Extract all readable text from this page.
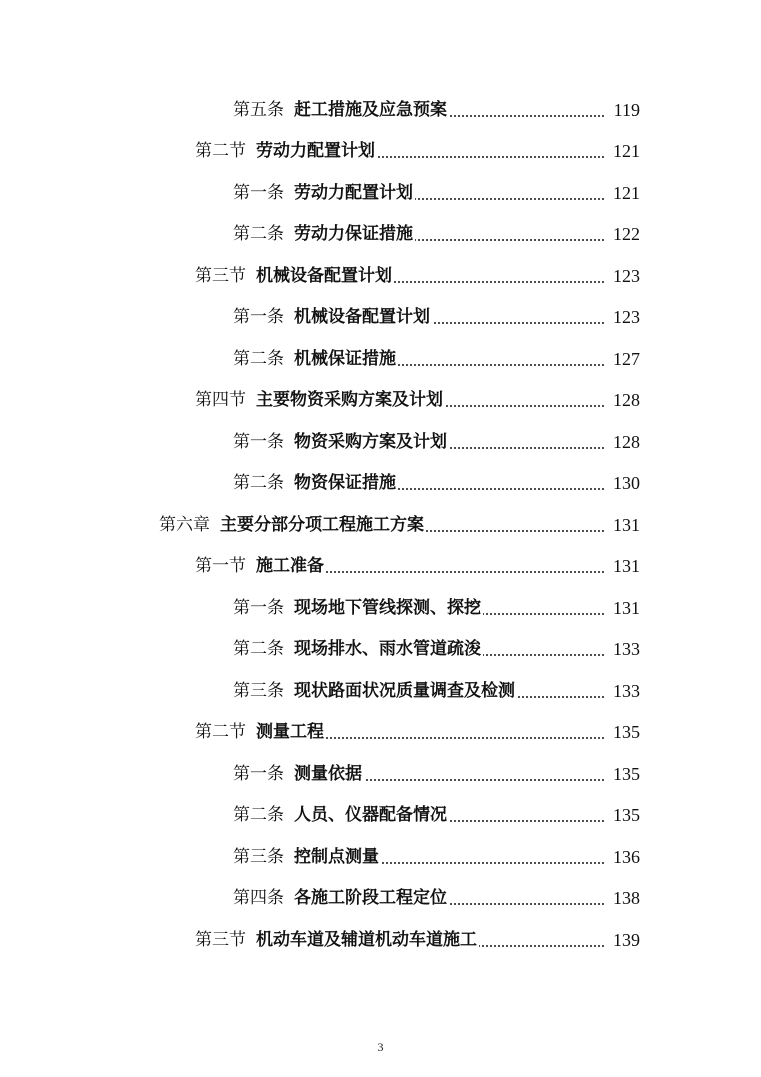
第五条 赶工措施及应急预案	119
第二节 劳动力配置计划	121
第一条 劳动力配置计划	121
第二条 劳动力保证措施	122
第三节 机械设备配置计划	123
第一条 机械设备配置计划	123
第二条 机械保证措施	127
第四节 主要物资采购方案及计划	128
第一条 物资采购方案及计划	128
第二条 物资保证措施	130
第六章 主要分部分项工程施工方案	131
第一节 施工准备	131
第一条 现场地下管线探测、探挖	131
第二条 现场排水、雨水管道疏浚	133
第三条 现状路面状况质量调查及检测	133
第二节 测量工程	135
第一条 测量依据	135
第二条 人员、仪器配备情况	135
第三条 控制点测量	136
第四条 各施工阶段工程定位	138
第三节 机动车道及辅道机动车道施工	139
3
